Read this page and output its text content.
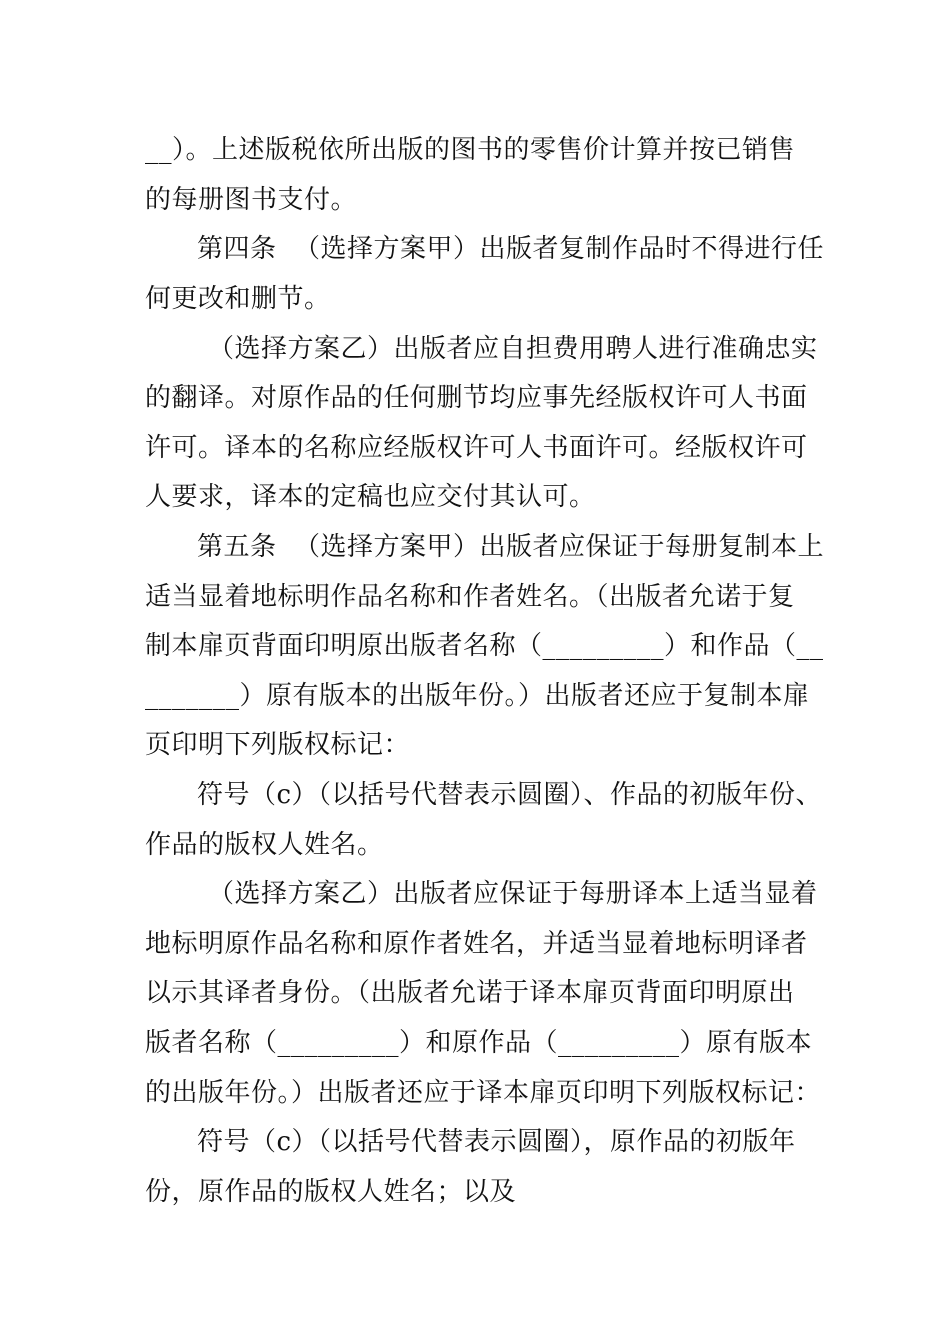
__）。上述版税依所出版的图书的零售价计算并按已销售
的每册图书支付。
第四条  （选择方案甲）出版者复制作品时不得进行任
何更改和删节。
（选择方案乙）出版者应自担费用聘人进行准确忠实
的翻译。对原作品的任何删节均应事先经版权许可人书面
许可。译本的名称应经版权许可人书面许可。经版权许可
人要求，译本的定稿也应交付其认可。
第五条  （选择方案甲）出版者应保证于每册复制本上
适当显着地标明作品名称和作者姓名。（出版者允诺于复
制本扉页背面印明原出版者名称（_________）和作品（__
_______）原有版本的出版年份。）出版者还应于复制本扉
页印明下列版权标记：
符号（c）（以括号代替表示圆圈）、作品的初版年份、
作品的版权人姓名。
（选择方案乙）出版者应保证于每册译本上适当显着
地标明原作品名称和原作者姓名，并适当显着地标明译者
以示其译者身份。（出版者允诺于译本扉页背面印明原出
版者名称（_________）和原作品（_________）原有版本
的出版年份。）出版者还应于译本扉页印明下列版权标记：
符号（c）（以括号代替表示圆圈），原作品的初版年
份，原作品的版权人姓名；以及
